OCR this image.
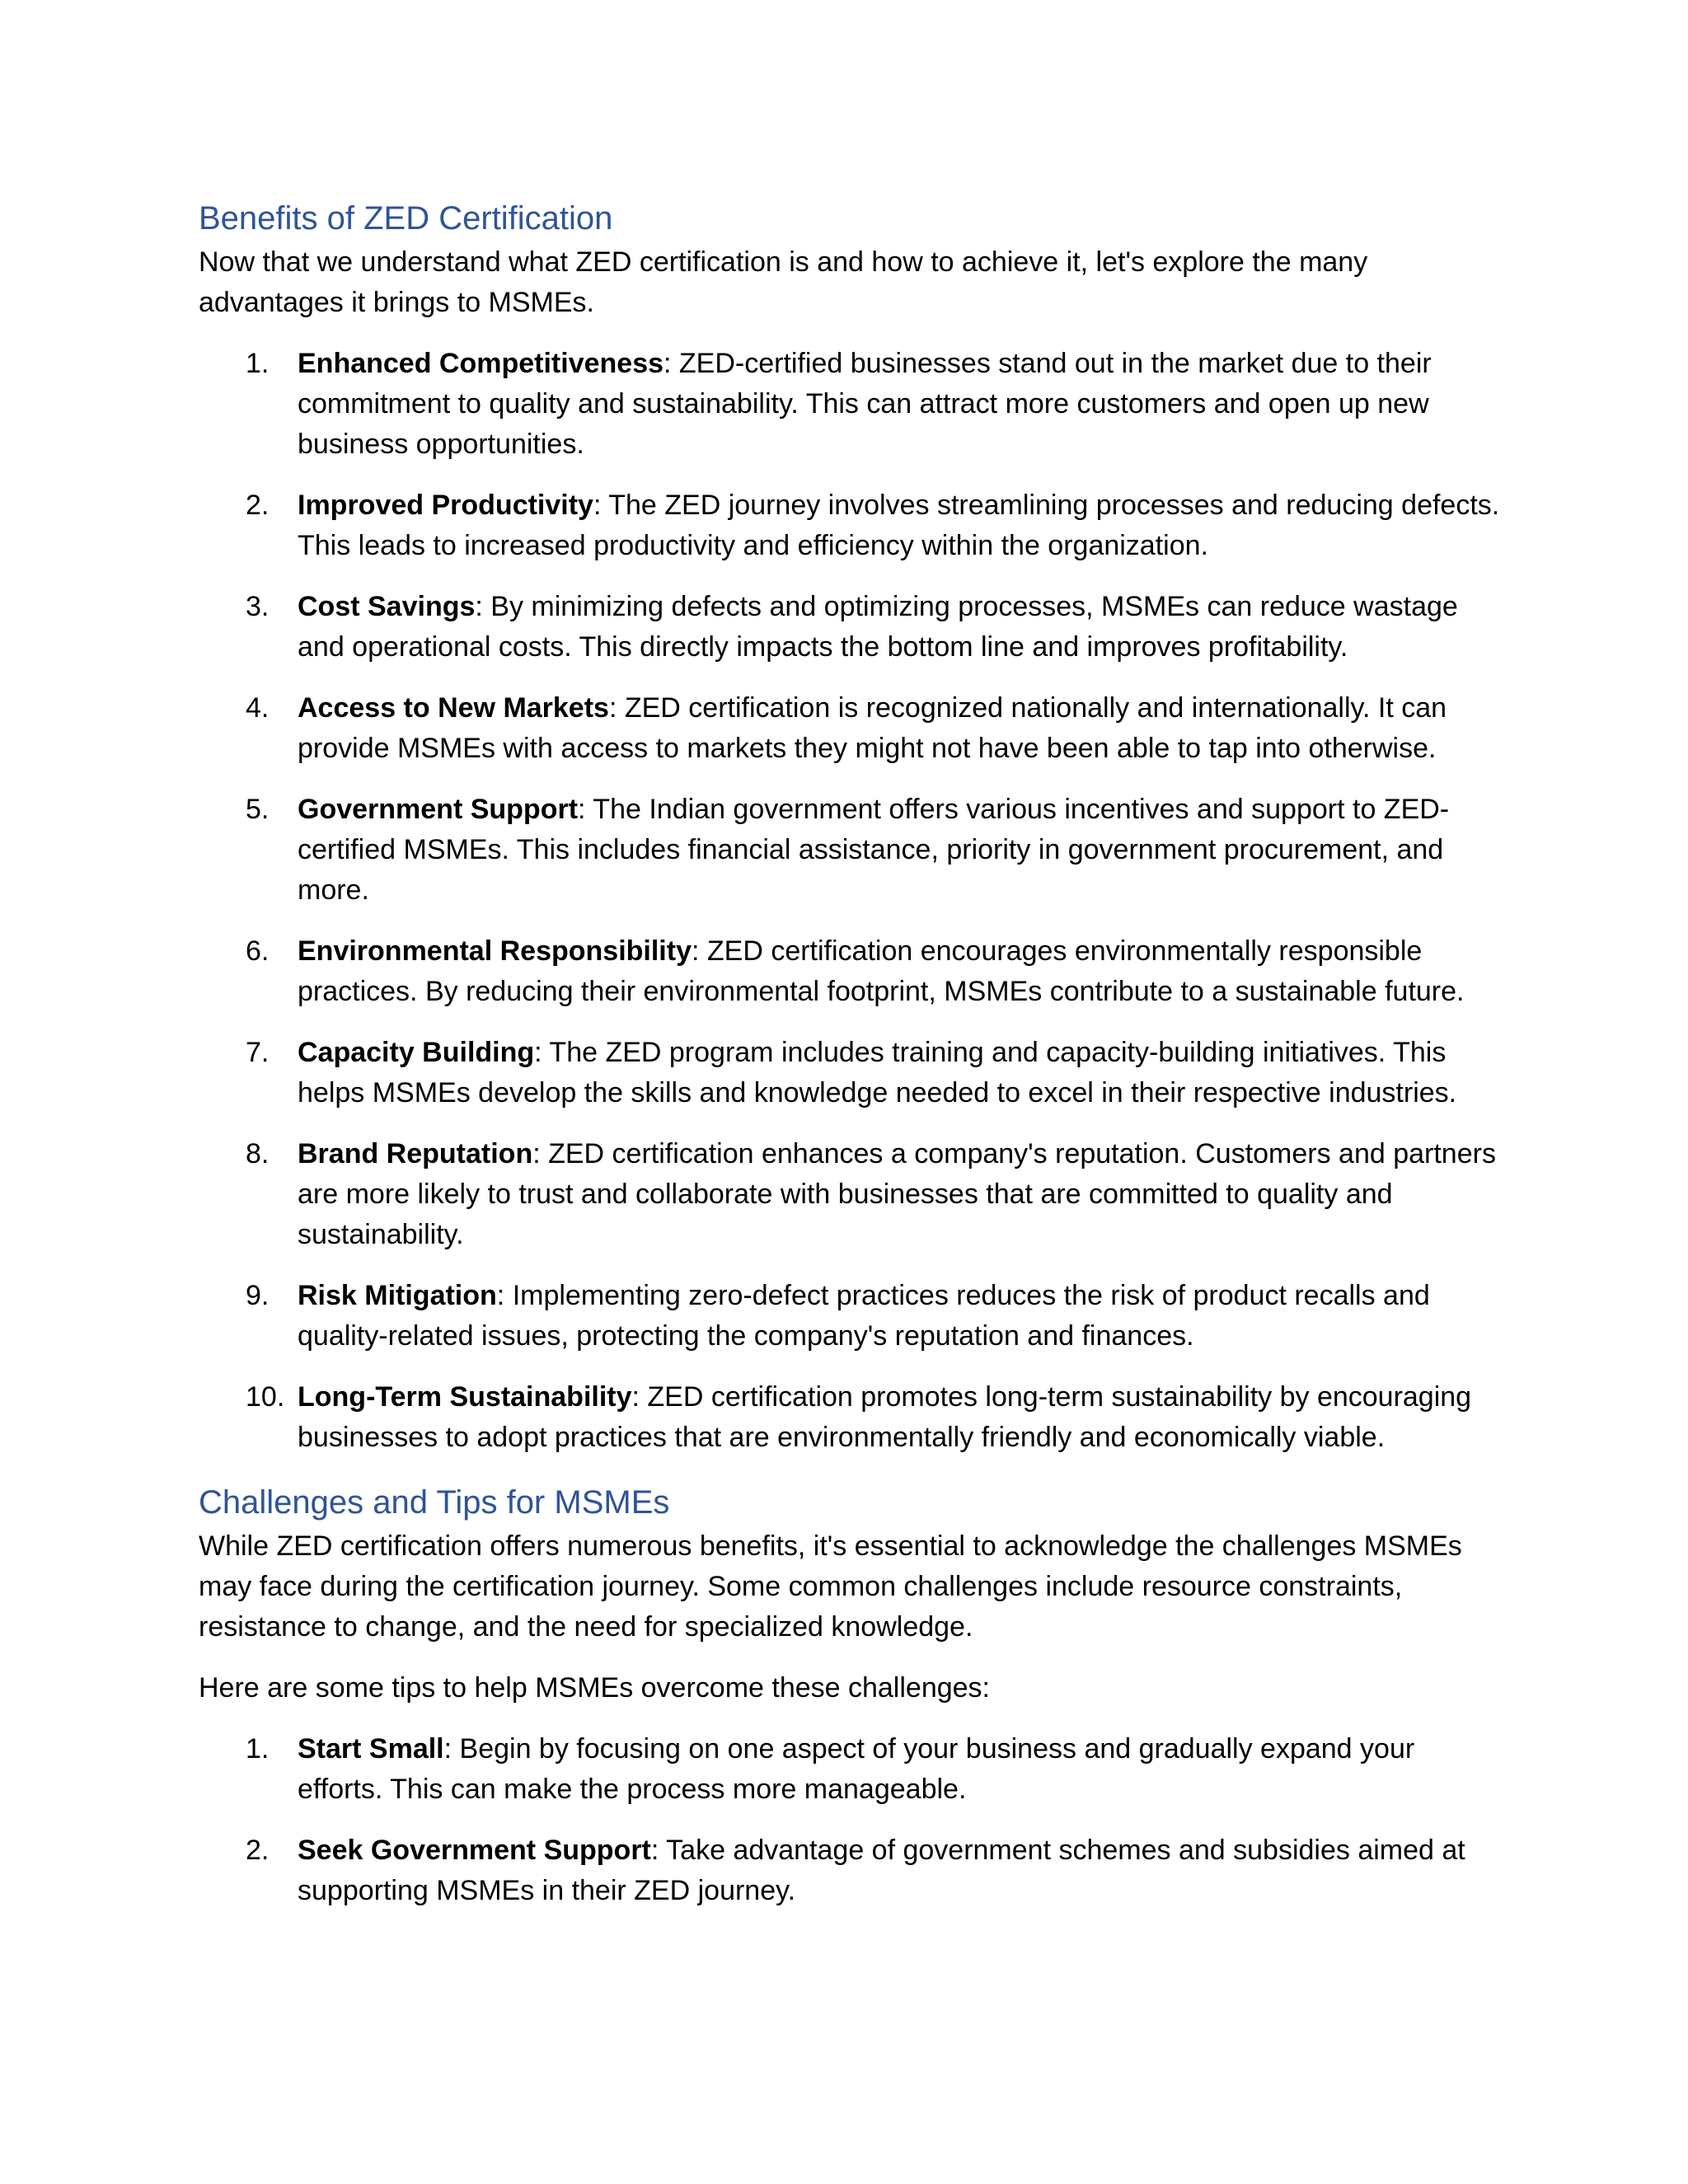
Benefits of ZED Certification

Now that we understand what ZED certification is and how to achieve it, let's explore the many advantages it brings to MSMEs.

1. Enhanced Competitiveness: ZED-certified businesses stand out in the market due to their commitment to quality and sustainability. This can attract more customers and open up new business opportunities.
2. Improved Productivity: The ZED journey involves streamlining processes and reducing defects. This leads to increased productivity and efficiency within the organization.
3. Cost Savings: By minimizing defects and optimizing processes, MSMEs can reduce wastage and operational costs. This directly impacts the bottom line and improves profitability.
4. Access to New Markets: ZED certification is recognized nationally and internationally. It can provide MSMEs with access to markets they might not have been able to tap into otherwise.
5. Government Support: The Indian government offers various incentives and support to ZED-certified MSMEs. This includes financial assistance, priority in government procurement, and more.
6. Environmental Responsibility: ZED certification encourages environmentally responsible practices. By reducing their environmental footprint, MSMEs contribute to a sustainable future.
7. Capacity Building: The ZED program includes training and capacity-building initiatives. This helps MSMEs develop the skills and knowledge needed to excel in their respective industries.
8. Brand Reputation: ZED certification enhances a company's reputation. Customers and partners are more likely to trust and collaborate with businesses that are committed to quality and sustainability.
9. Risk Mitigation: Implementing zero-defect practices reduces the risk of product recalls and quality-related issues, protecting the company's reputation and finances.
10. Long-Term Sustainability: ZED certification promotes long-term sustainability by encouraging businesses to adopt practices that are environmentally friendly and economically viable.
Challenges and Tips for MSMEs

While ZED certification offers numerous benefits, it's essential to acknowledge the challenges MSMEs may face during the certification journey. Some common challenges include resource constraints, resistance to change, and the need for specialized knowledge.

Here are some tips to help MSMEs overcome these challenges:

1. Start Small: Begin by focusing on one aspect of your business and gradually expand your efforts. This can make the process more manageable.
2. Seek Government Support: Take advantage of government schemes and subsidies aimed at supporting MSMEs in their ZED journey.
